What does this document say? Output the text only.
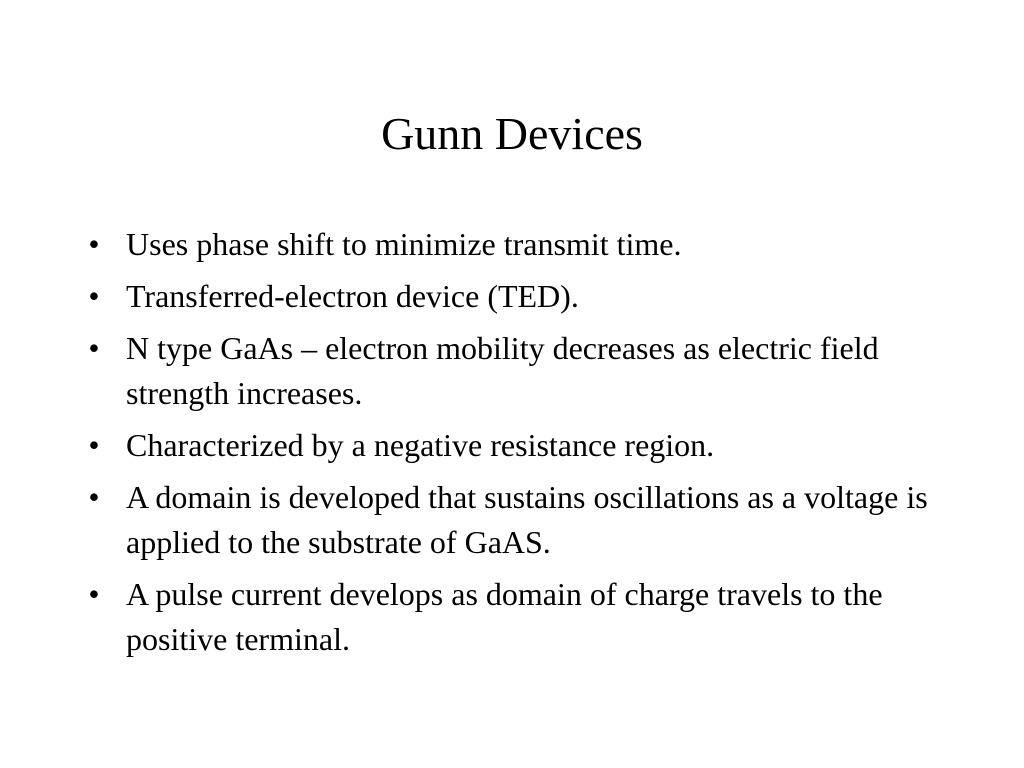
Gunn Devices
• Uses phase shift to minimize transmit time.
• Transferred-electron device (TED).
• N type GaAs – electron mobility decreases as electric field strength increases.
• Characterized by a negative resistance region.
• A domain is developed that sustains oscillations as a voltage is applied to the substrate of GaAS.
• A pulse current develops as domain of charge travels to the positive terminal.
